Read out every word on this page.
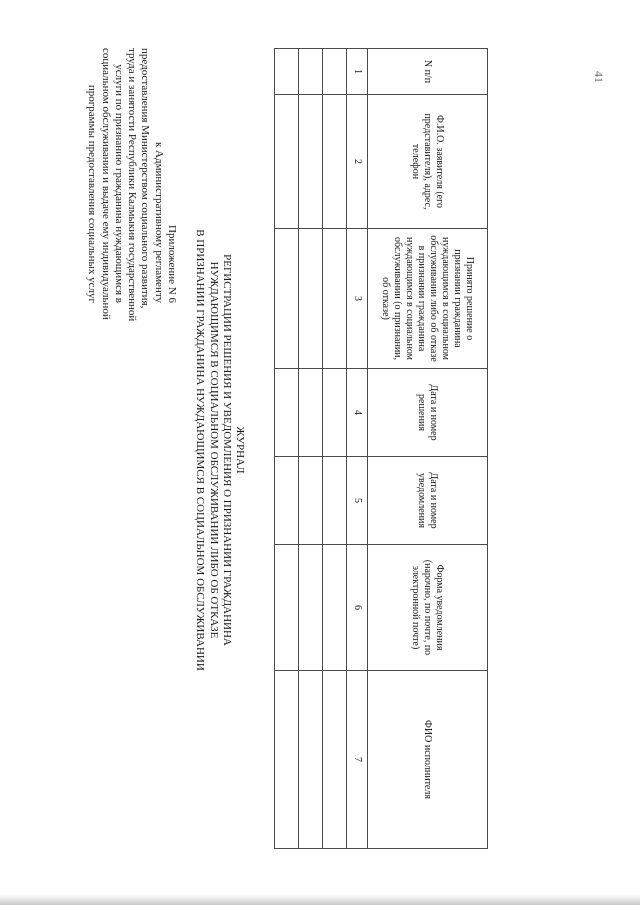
41
Приложение N 6
к Административному регламенту
предоставления Министерством социального развития,
труда и занятости Республики Калмыкия государственной
услуги по признанию гражданина нуждающимся в
социальном обслуживании и выдаче ему индивидуальной
программы предоставления социальных услуг
ЖУРНАЛ
РЕГИСТРАЦИИ РЕШЕНИЯ И УВЕДОМЛЕНИЯ О ПРИЗНАНИИ ГРАЖДАНИНА
НУЖДАЮЩИМСЯ В СОЦИАЛЬНОМ ОБСЛУЖИВАНИИ ЛИБО ОБ ОТКАЗЕ
В ПРИЗНАНИИ ГРАЖДАНИНА НУЖДАЮЩИМСЯ В СОЦИАЛЬНОМ ОБСЛУЖИВАНИИ
N п/п	Ф.И.О. заявителя (его представителя), адрес, телефон	Принято решение о признании гражданина нуждающимся в социальном обслуживании либо об отказе в признании гражданина нуждающимся в социальном обслуживании (о признании, об отказе)	Дата и номер решения	Дата и номер уведомления	Форма уведомления (нарочно, по почте, по электронной почте)	ФИО исполнителя
1	2	3	4	5	6	7
